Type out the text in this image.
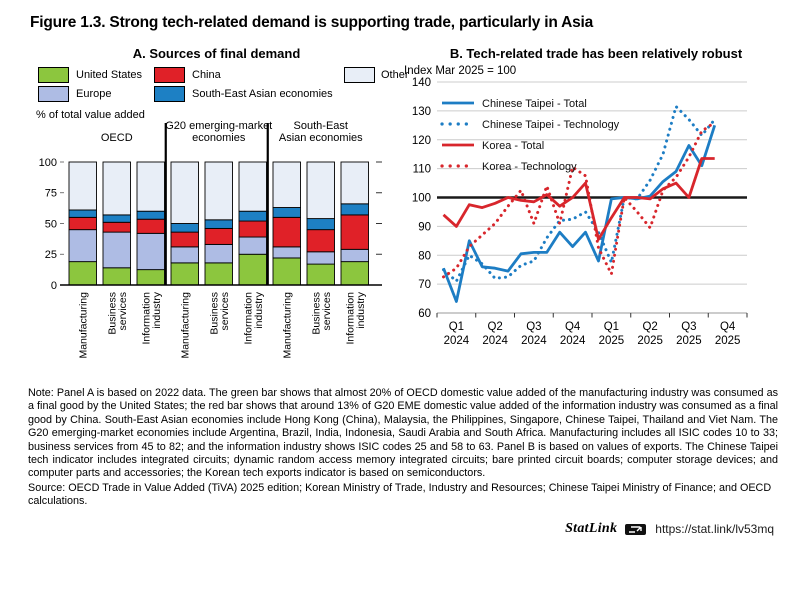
Figure 1.3. Strong tech-related demand is supporting trade, particularly in Asia
A. Sources of final demand
United States
Europe
China
South-East Asian economies
Other
% of total value added
OECD
G20 emerging-market
economies
South-East
Asian economies
0
25
50
75
100
Manufacturing Business
services Information
industry Manufacturing Business
services Information
industry Manufacturing Business
services Information
industry
B. Tech-related trade has been relatively robust
Index Mar 2025 = 100
60
70
80
90
100
110
120
130
140
Q1
2024
Q2
2024
Q3
2024
Q4
2024
Q1
2025
Q2
2025
Q3
2025
Q4
2025
Chinese Taipei - Total
Chinese Taipei - Technology
Korea - Total
Korea - Technology

Note: Panel A is based on 2022 data. The green bar shows that almost 20% of OECD domestic value added of the manufacturing industry was consumed as a final good by the United States; the red bar shows that around 13% of G20 EME domestic value added of the information industry was consumed as a final good by China. South-East Asian economies include Hong Kong (China), Malaysia, the Philippines, Singapore, Chinese Taipei, Thailand and Viet Nam. The G20 emerging-market economies include Argentina, Brazil, India, Indonesia, Saudi Arabia and South Africa. Manufacturing includes all ISIC codes 10 to 33; business services from 45 to 82; and the information industry shows ISIC codes 25 and 58 to 63. Panel B is based on values of exports. The Chinese Taipei tech indicator includes integrated circuits; dynamic random access memory integrated circuits; bare printed circuit boards; computer storage devices; and computer parts and accessories; the Korean tech exports indicator is based on semiconductors.

Source: OECD Trade in Value Added (TiVA) 2025 edition; Korean Ministry of Trade, Industry and Resources; Chinese Taipei Ministry of Finance; and OECD calculations.

StatLink	https://stat.link/lv53mq
